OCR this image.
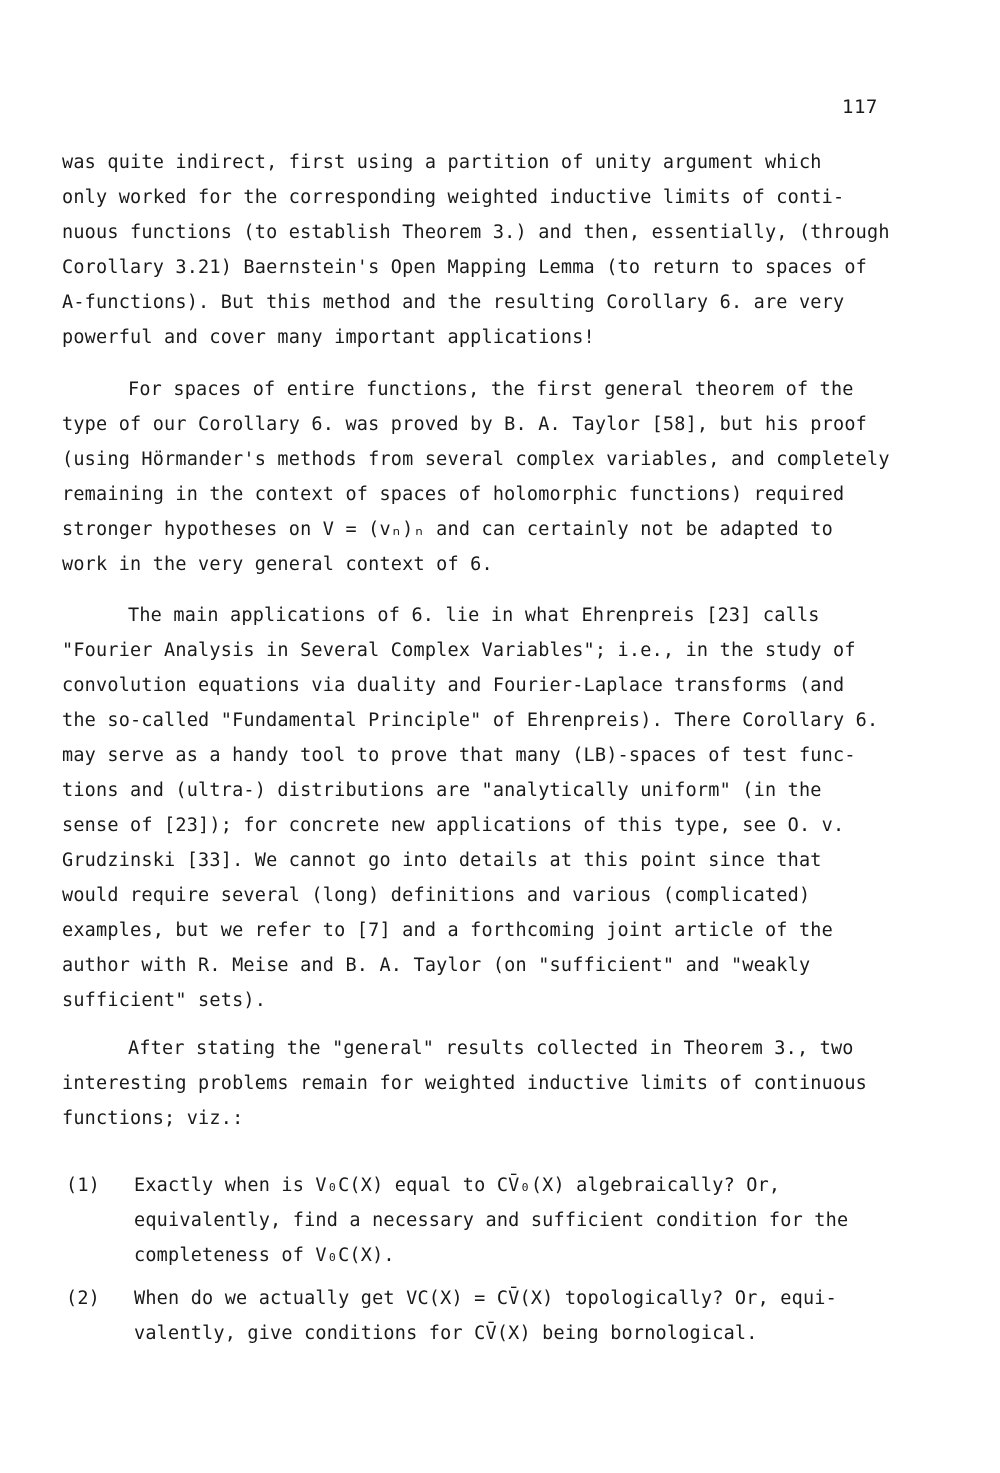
117
was quite indirect, first using a partition of unity argument which
only worked for the corresponding weighted inductive limits of conti-
nuous functions (to establish Theorem 3.) and then, essentially, (through
Corollary 3.21) Baernstein's Open Mapping Lemma (to return to spaces of
A-functions). But this method and the resulting Corollary 6. are very
powerful and cover many important applications!
For spaces of entire functions, the first general theorem of the
type of our Corollary 6. was proved by B. A. Taylor [58], but his proof
(using Hörmander's methods from several complex variables, and completely
remaining in the context of spaces of holomorphic functions) required
stronger hypotheses on V = (vₙ)ₙ and can certainly not be adapted to
work in the very general context of 6.
The main applications of 6. lie in what Ehrenpreis [23] calls
"Fourier Analysis in Several Complex Variables"; i.e., in the study of
convolution equations via duality and Fourier-Laplace transforms (and
the so-called "Fundamental Principle" of Ehrenpreis). There Corollary 6.
may serve as a handy tool to prove that many (LB)-spaces of test func-
tions and (ultra-) distributions are "analytically uniform" (in the
sense of [23]); for concrete new applications of this type, see O. v.
Grudzinski [33]. We cannot go into details at this point since that
would require several (long) definitions and various (complicated)
examples, but we refer to [7] and a forthcoming joint article of the
author with R. Meise and B. A. Taylor (on "sufficient" and "weakly
sufficient" sets).
After stating the "general" results collected in Theorem 3., two
interesting problems remain for weighted inductive limits of continuous
functions; viz.:
(1) Exactly when is V₀C(X) equal to CV̄₀(X) algebraically? Or,
equivalently, find a necessary and sufficient condition for the
completeness of V₀C(X).
(2) When do we actually get VC(X) = CV̄(X) topologically? Or, equi-
valently, give conditions for CV̄(X) being bornological.
